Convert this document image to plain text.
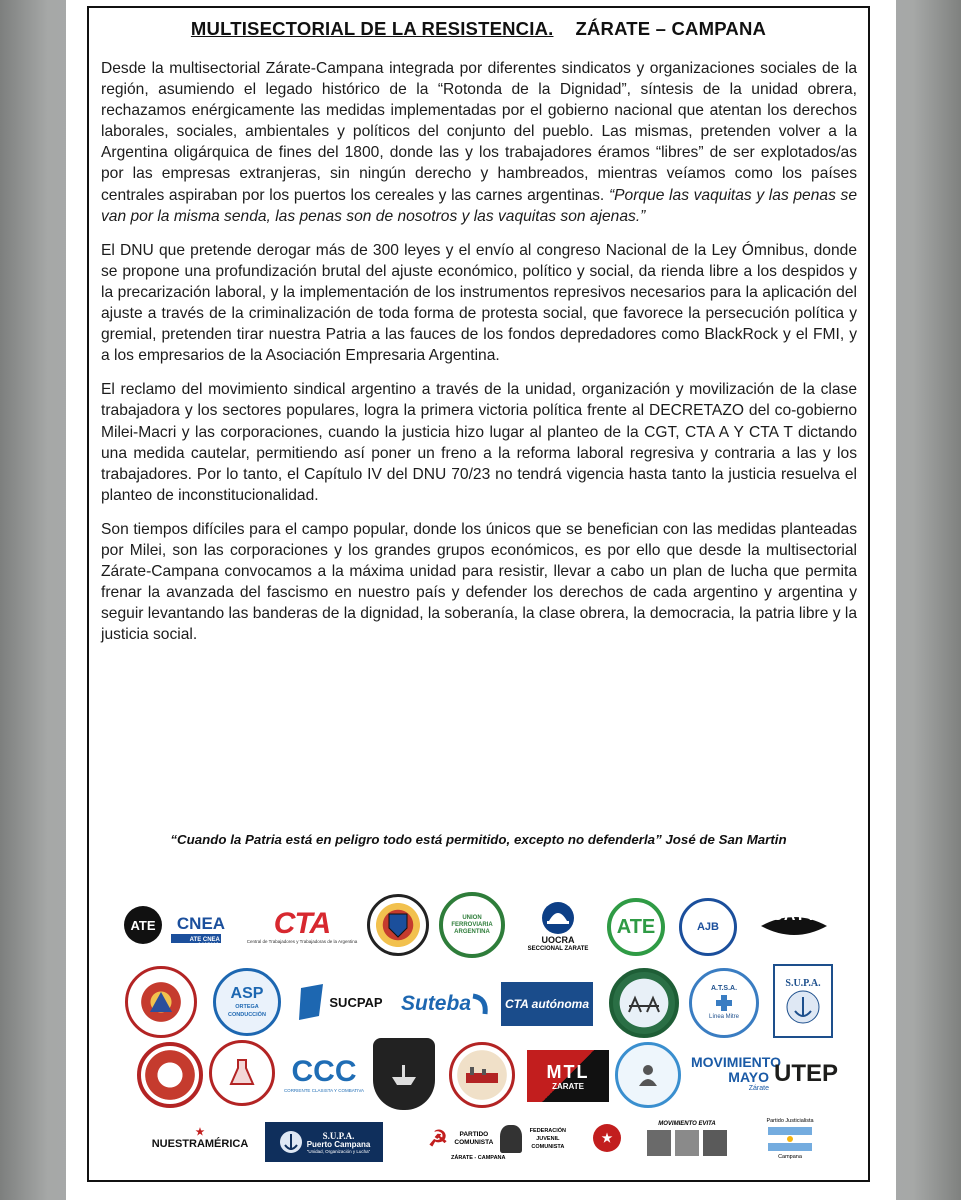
MULTISECTORIAL DE LA RESISTENCIA. ZÁRATE – CAMPANA

Desde la multisectorial Zárate-Campana integrada por diferentes sindicatos y organizaciones sociales de la región, asumiendo el legado histórico de la “Rotonda de la Dignidad”, síntesis de la unidad obrera, rechazamos enérgicamente las medidas implementadas por el gobierno nacional que atentan los derechos laborales, sociales, ambientales y políticos del conjunto del pueblo. Las mismas, pretenden volver a la Argentina oligárquica de fines del 1800, donde las y los trabajadores éramos “libres” de ser explotados/as por las empresas extranjeras, sin ningún derecho y hambreados, mientras veíamos como los países centrales aspiraban por los puertos los cereales y las carnes argentinas. “Porque las vaquitas y las penas se van por la misma senda, las penas son de nosotros y las vaquitas son ajenas.”

El DNU que pretende derogar más de 300 leyes y el envío al congreso Nacional de la Ley Ómnibus, donde se propone una profundización brutal del ajuste económico, político y social, da rienda libre a los despidos y la precarización laboral, y la implementación de los instrumentos represivos necesarios para la aplicación del ajuste a través de la criminalización de toda forma de protesta social, que favorece la persecución política y gremial, pretenden tirar nuestra Patria a las fauces de los fondos depredadores como BlackRock y el FMI, y a los empresarios de la Asociación Empresaria Argentina.

El reclamo del movimiento sindical argentino a través de la unidad, organización y movilización de la clase trabajadora y los sectores populares, logra la primera victoria política frente al DECRETAZO del co-gobierno Milei-Macri y las corporaciones, cuando la justicia hizo lugar al planteo de la CGT, CTA A Y CTA T dictando una medida cautelar, permitiendo así poner un freno a la reforma laboral regresiva y contraria a las y los trabajadores. Por lo tanto, el Capítulo IV del DNU 70/23 no tendrá vigencia hasta tanto la justicia resuelva el planteo de inconstitucionalidad.

Son tiempos difíciles para el campo popular, donde los únicos que se benefician con las medidas planteadas por Milei, son las corporaciones y los grandes grupos económicos, es por ello que desde la multisectorial Zárate-Campana convocamos a la máxima unidad para resistir, llevar a cabo un plan de lucha que permita frenar la avanzada del fascismo en nuestro país y defender los derechos de cada argentino y argentina y seguir levantando las banderas de la dignidad, la soberanía, la clase obrera, la democracia, la patria libre y la justicia social.

“Cuando la Patria está en peligro todo está permitido, excepto no defenderla” José de San Martin
ATE CNEA
ATE CNEA en LUCHA
CTA
Central de Trabajadores y Trabajadoras de la Argentina
UNION FERROVIARIA ARGENTINA
UOCRA
SECCIONAL ZARATE
ATE	AJB
CATT
ASP
ORTEGA CONDUCCIÓN
SUCPAP Suteba	CTA autónoma
A.T.S.A.
Línea Mitre
S.U.P.A.
CCC
CORRIENTE CLASISTA Y COMBATIVA
MTL
ZARATE
MOVIMIENTO MAYO
Zárate
UTEP
★
NUESTRAMÉRICA
S.U.P.A.
Puerto Campana
“Unidad, Organización y Lucha”	☭	PARTIDO COMUNISTA
FEDERACIÓN JUVENIL COMUNISTA
ZÁRATE - CAMPANA
★
MOVIMIENTO EVITA	Partido Justicialista
Campana
